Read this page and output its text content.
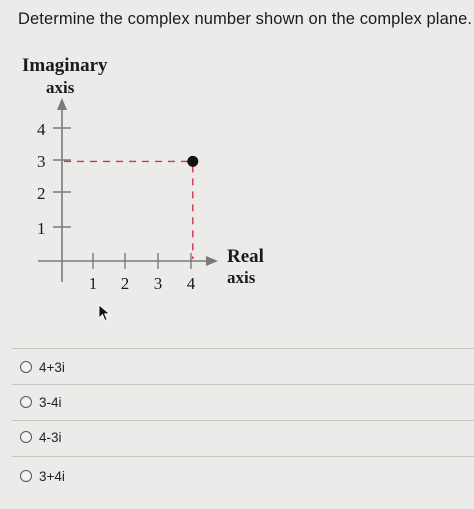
Determine the complex number shown on the complex plane.
Imaginary
axis
4
3
2
1
1 2 3 4
Real
axis
4+3i
3-4i
4-3i
3+4i
